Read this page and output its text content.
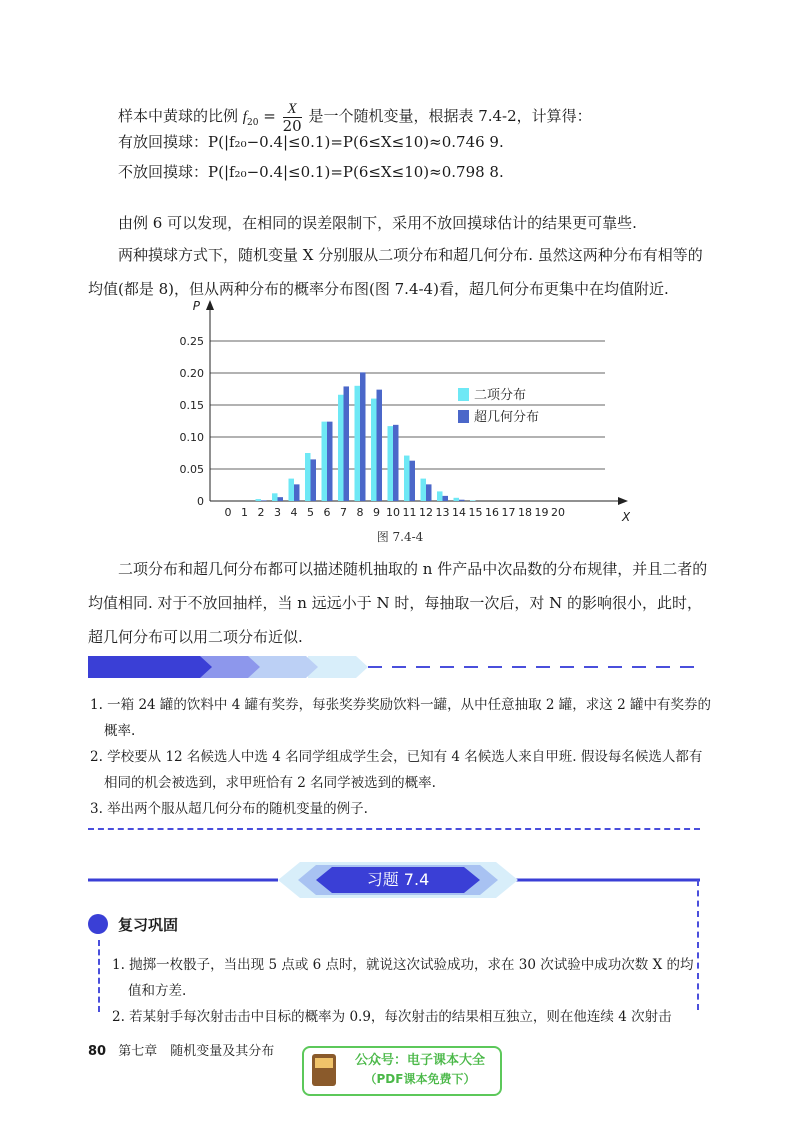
样本中黄球的比例 $f_{20} = \frac{X}{20}$ 是一个随机变量，根据表 7.4-2，计算得：
有放回摸球：P(|f₂₀−0.4|≤0.1)=P(6≤X≤10)≈0.746 9.
不放回摸球：P(|f₂₀−0.4|≤0.1)=P(6≤X≤10)≈0.798 8.
由例 6 可以发现，在相同的误差限制下，采用不放回摸球估计的结果更可靠些.
两种摸球方式下，随机变量 X 分别服从二项分布和超几何分布. 虽然这两种分布有相等的均值(都是 8)，但从两种分布的概率分布图(图 7.4-4)看，超几何分布更集中在均值附近.
0
0.05
0.10
0.15
0.20
0.25
P
X
0 1 2 3 4 5 6 7 8 9 10 11 12 13 14 15 16 17 18 19 20
二项分布
超几何分布
图 7.4-4
二项分布和超几何分布都可以描述随机抽取的 n 件产品中次品数的分布规律，并且二者的均值相同. 对于不放回抽样，当 n 远远小于 N 时，每抽取一次后，对 N 的影响很小，此时，超几何分布可以用二项分布近似.
1. 一箱 24 罐的饮料中 4 罐有奖券，每张奖券奖励饮料一罐，从中任意抽取 2 罐，求这 2 罐中有奖券的
概率.
2. 学校要从 12 名候选人中选 4 名同学组成学生会，已知有 4 名候选人来自甲班. 假设每名候选人都有
相同的机会被选到，求甲班恰有 2 名同学被选到的概率.
3. 举出两个服从超几何分布的随机变量的例子.
习题 7.4
复习巩固
1. 抛掷一枚骰子，当出现 5 点或 6 点时，就说这次试验成功，求在 30 次试验中成功次数 X 的均
值和方差.
2. 若某射手每次射击击中目标的概率为 0.9，每次射击的结果相互独立，则在他连续 4 次射击
80 第七章　随机变量及其分布
公众号：电子课本大全
（PDF课本免费下）
